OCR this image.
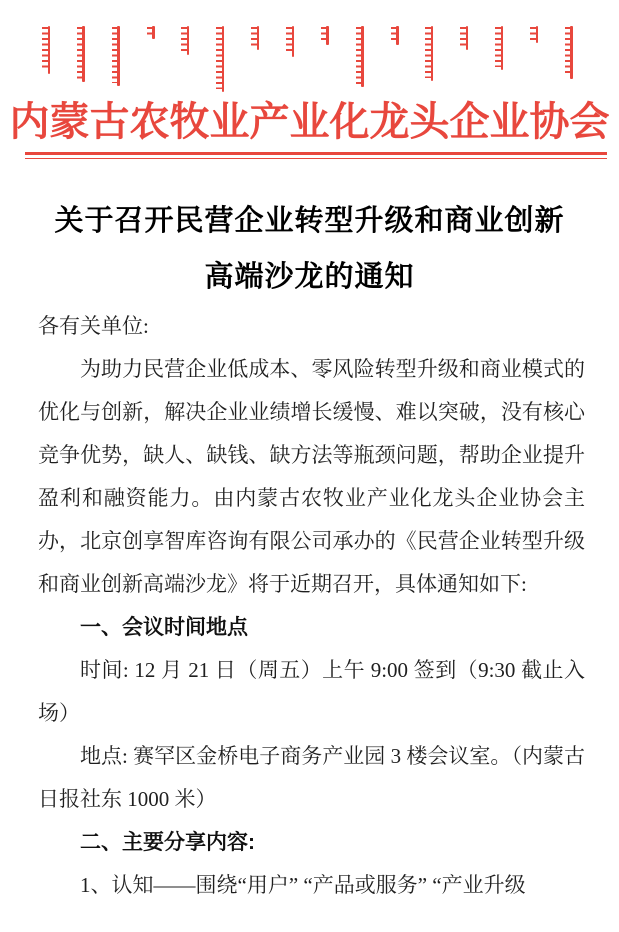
内蒙古农牧业产业化龙头企业协会
关于召开民营企业转型升级和商业创新
高端沙龙的通知

各有关单位:

为助力民营企业低成本、零风险转型升级和商业模式的优化与创新，解决企业业绩增长缓慢、难以突破，没有核心竞争优势，缺人、缺钱、缺方法等瓶颈问题，帮助企业提升盈利和融资能力。由内蒙古农牧业产业化龙头企业协会主办，北京创享智库咨询有限公司承办的《民营企业转型升级和商业创新高端沙龙》将于近期召开，具体通知如下:

一、会议时间地点

时间: 12 月 21 日（周五）上午 9:00 签到（9:30 截止入场）

地点: 赛罕区金桥电子商务产业园 3 楼会议室。（内蒙古日报社东 1000 米）

二、主要分享内容:

1、认知——围绕“用户” “产品或服务” “产业升级
